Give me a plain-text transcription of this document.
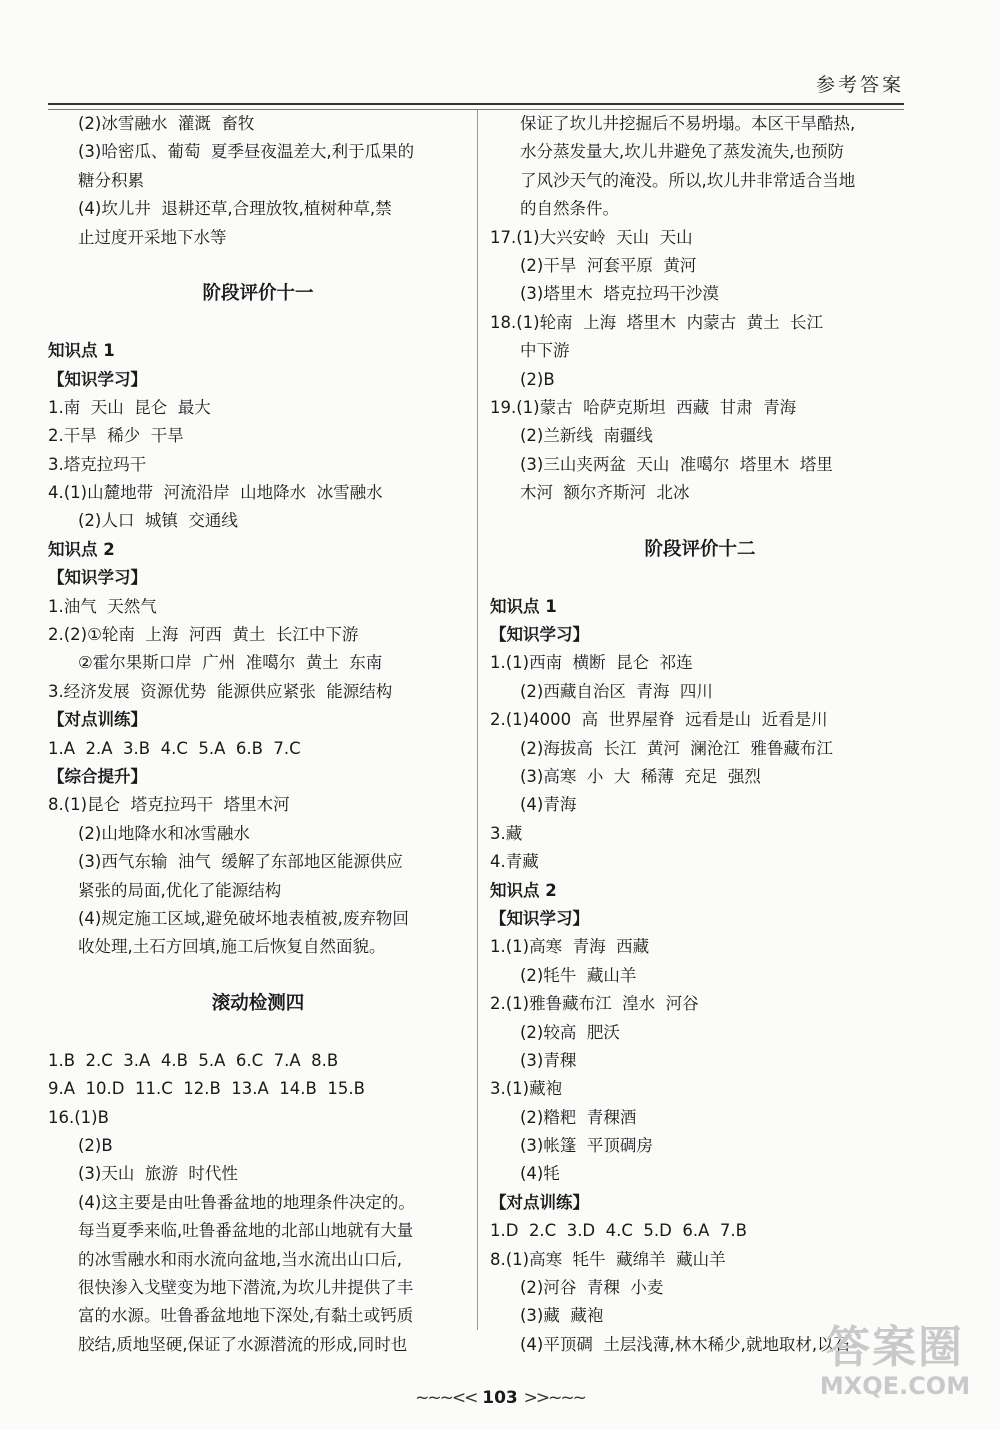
参考答案
(2)冰雪融水  灌溉  畜牧
(3)哈密瓜、葡萄  夏季昼夜温差大,利于瓜果的
糖分积累
(4)坎儿井  退耕还草,合理放牧,植树种草,禁
止过度开采地下水等
阶段评价十一
知识点 1
【知识学习】
1.南  天山  昆仑  最大
2.干旱  稀少  干旱
3.塔克拉玛干
4.(1)山麓地带  河流沿岸  山地降水  冰雪融水
(2)人口  城镇  交通线
知识点 2
【知识学习】
1.油气  天然气
2.(2)①轮南  上海  河西  黄土  长江中下游
②霍尔果斯口岸  广州  准噶尔  黄土  东南
3.经济发展  资源优势  能源供应紧张  能源结构
【对点训练】
1.A  2.A  3.B  4.C  5.A  6.B  7.C
【综合提升】
8.(1)昆仑  塔克拉玛干  塔里木河
(2)山地降水和冰雪融水
(3)西气东输  油气  缓解了东部地区能源供应
紧张的局面,优化了能源结构
(4)规定施工区域,避免破坏地表植被,废弃物回
收处理,土石方回填,施工后恢复自然面貌。
滚动检测四
1.B  2.C  3.A  4.B  5.A  6.C  7.A  8.B
9.A  10.D  11.C  12.B  13.A  14.B  15.B
16.(1)B
(2)B
(3)天山  旅游  时代性
(4)这主要是由吐鲁番盆地的地理条件决定的。
每当夏季来临,吐鲁番盆地的北部山地就有大量
的冰雪融水和雨水流向盆地,当水流出山口后,
很快渗入戈壁变为地下潜流,为坎儿井提供了丰
富的水源。吐鲁番盆地地下深处,有黏土或钙质
胶结,质地坚硬,保证了水源潜流的形成,同时也
保证了坎儿井挖掘后不易坍塌。本区干旱酷热,
水分蒸发量大,坎儿井避免了蒸发流失,也预防
了风沙天气的淹没。所以,坎儿井非常适合当地
的自然条件。
17.(1)大兴安岭  天山  天山
(2)干旱  河套平原  黄河
(3)塔里木  塔克拉玛干沙漠
18.(1)轮南  上海  塔里木  内蒙古  黄土  长江
中下游
(2)B
19.(1)蒙古  哈萨克斯坦  西藏  甘肃  青海
(2)兰新线  南疆线
(3)三山夹两盆  天山  准噶尔  塔里木  塔里
木河  额尔齐斯河  北冰
阶段评价十二
知识点 1
【知识学习】
1.(1)西南  横断  昆仑  祁连
(2)西藏自治区  青海  四川
2.(1)4000  高  世界屋脊  远看是山  近看是川
(2)海拔高  长江  黄河  澜沧江  雅鲁藏布江
(3)高寒  小  大  稀薄  充足  强烈
(4)青海
3.藏
4.青藏
知识点 2
【知识学习】
1.(1)高寒  青海  西藏
(2)牦牛  藏山羊
2.(1)雅鲁藏布江  湟水  河谷
(2)较高  肥沃
(3)青稞
3.(1)藏袍
(2)糌粑  青稞酒
(3)帐篷  平顶碉房
(4)牦
【对点训练】
1.D  2.C  3.D  4.C  5.D  6.A  7.B
8.(1)高寒  牦牛  藏绵羊  藏山羊
(2)河谷  青稞  小麦
(3)藏  藏袍
(4)平顶碉  土层浅薄,林木稀少,就地取材,以石
~~~<< 103 >>~~~
答案圈
MXQE.COM
